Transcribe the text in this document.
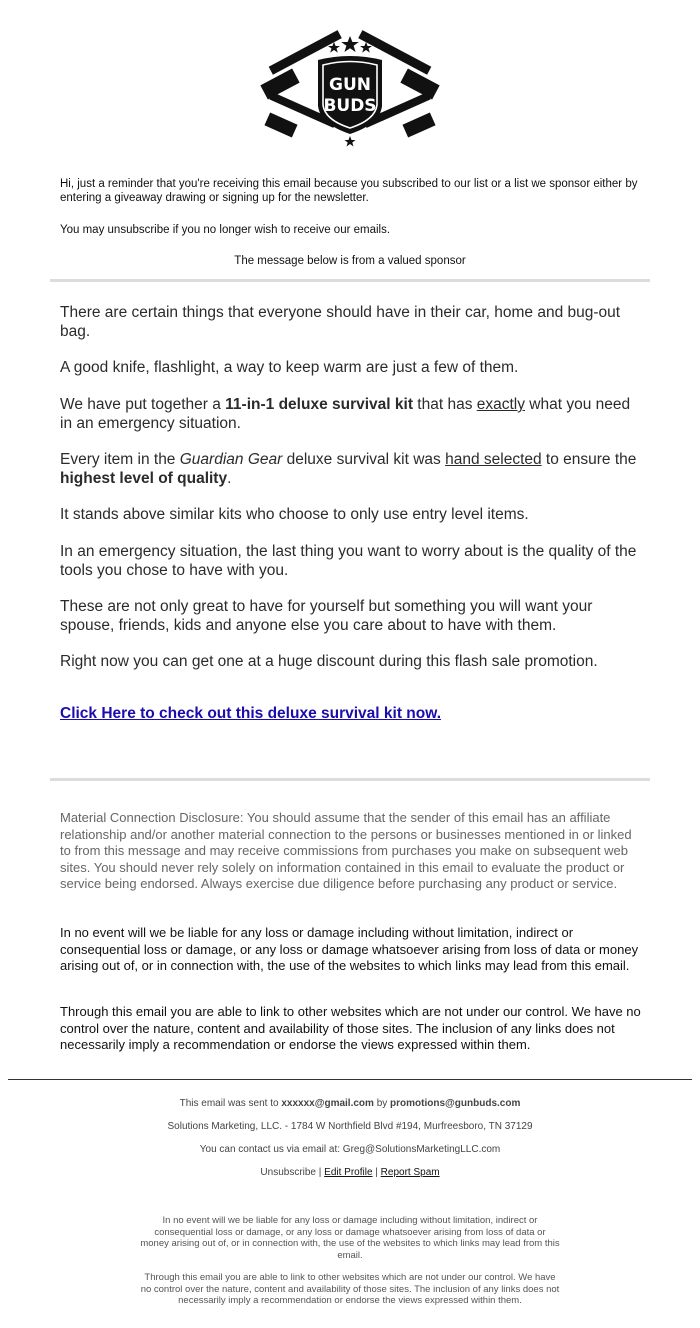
GUN
BUDS
Hi, just a reminder that you're receiving this email because you subscribed to our list or a list we sponsor either by entering a giveaway drawing or signing up for the newsletter.
You may unsubscribe if you no longer wish to receive our emails.
The message below is from a valued sponsor

There are certain things that everyone should have in their car, home and bug-out bag.

A good knife, flashlight, a way to keep warm are just a few of them.

We have put together a 11-in-1 deluxe survival kit that has exactly what you need in an emergency situation.

Every item in the Guardian Gear deluxe survival kit was hand selected to ensure the highest level of quality.

It stands above similar kits who choose to only use entry level items.

In an emergency situation, the last thing you want to worry about is the quality of the tools you chose to have with you.

These are not only great to have for yourself but something you will want your spouse, friends, kids and anyone else you care about to have with them.

Right now you can get one at a huge discount during this flash sale promotion.

Click Here to check out this deluxe survival kit now.
Material Connection Disclosure: You should assume that the sender of this email has an affiliate relationship and/or another material connection to the persons or businesses mentioned in or linked to from this message and may receive commissions from purchases you make on subsequent web sites. You should never rely solely on information contained in this email to evaluate the product or service being endorsed. Always exercise due diligence before purchasing any product or service.
In no event will we be liable for any loss or damage including without limitation, indirect or consequential loss or damage, or any loss or damage whatsoever arising from loss of data or money arising out of, or in connection with, the use of the websites to which links may lead from this email.
Through this email you are able to link to other websites which are not under our control. We have no control over the nature, content and availability of those sites. The inclusion of any links does not necessarily imply a recommendation or endorse the views expressed within them.
This email was sent to xxxxxx@gmail.com by promotions@gunbuds.com
Solutions Marketing, LLC. - 1784 W Northfield Blvd #194, Murfreesboro, TN 37129
You can contact us via email at: Greg@SolutionsMarketingLLC.com
Unsubscribe | Edit Profile | Report Spam
In no event will we be liable for any loss or damage including without limitation, indirect or consequential loss or damage, or any loss or damage whatsoever arising from loss of data or money arising out of, or in connection with, the use of the websites to which links may lead from this email.
Through this email you are able to link to other websites which are not under our control. We have no control over the nature, content and availability of those sites. The inclusion of any links does not necessarily imply a recommendation or endorse the views expressed within them.
